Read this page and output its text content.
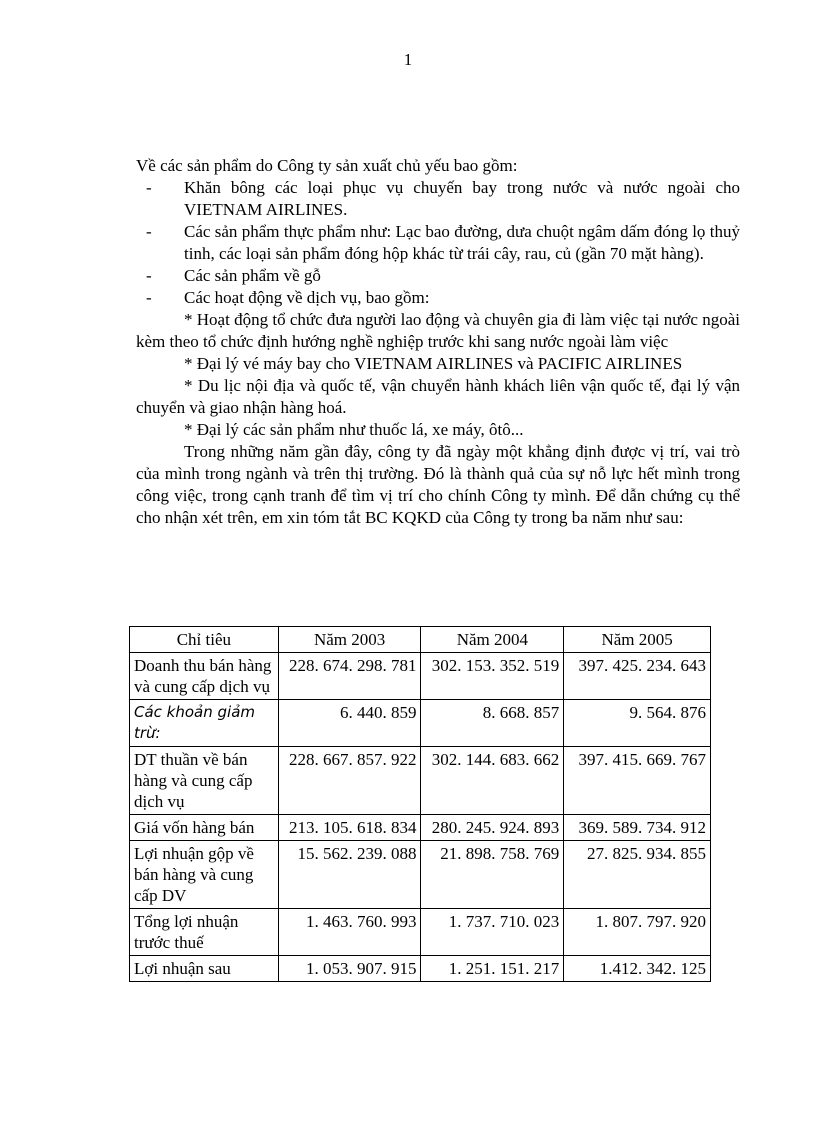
1

Về các sản phẩm do Công ty sản xuất chủ yếu bao gồm:

- Khăn bông các loại phục vụ chuyến bay trong nước và nước ngoài cho VIETNAM AIRLINES.
- Các sản phẩm thực phẩm như: Lạc bao đường, dưa chuột ngâm dấm đóng lọ thuỷ tinh, các loại sản phẩm đóng hộp khác từ trái cây, rau, củ (gần 70 mặt hàng).
- Các sản phẩm về gỗ
- Các hoạt động về dịch vụ, bao gồm:

* Hoạt động tổ chức đưa người lao động và chuyên gia đi làm việc tại nước ngoài kèm theo tổ chức định hướng nghề nghiệp trước khi sang nước ngoài làm việc

* Đại lý vé máy bay cho VIETNAM AIRLINES và PACIFIC AIRLINES

* Du lịc nội địa và quốc tế, vận chuyển hành khách liên vận quốc tế, đại lý vận chuyển và giao nhận hàng hoá.

* Đại lý các sản phẩm như thuốc lá, xe máy, ôtô...

Trong những năm gần đây, công ty đã ngày một khẳng định được vị trí, vai trò của mình trong ngành và trên thị trường. Đó là thành quả của sự nỗ lực hết mình trong công việc, trong cạnh tranh để tìm vị trí cho chính Công ty mình. Để dẫn chứng cụ thể cho nhận xét trên, em xin tóm tắt BC KQKD của Công ty trong ba năm như sau:

Chỉ tiêu	Năm 2003	Năm 2004	Năm 2005
Doanh thu bán hàng và cung cấp dịch vụ	228. 674. 298. 781	302. 153. 352. 519	397. 425. 234. 643
Các khoản giảm trừ:	6. 440. 859	8. 668. 857	9. 564. 876
DT thuần về bán hàng và cung cấp dịch vụ	228. 667. 857. 922	302. 144. 683. 662	397. 415. 669. 767
Giá vốn hàng bán	213. 105. 618. 834	280. 245. 924. 893	369. 589. 734. 912
Lợi nhuận gộp về bán hàng và cung cấp DV	15. 562. 239. 088	21. 898. 758. 769	27. 825. 934. 855
Tổng lợi nhuận trước thuế	1. 463. 760. 993	1. 737. 710. 023	1. 807. 797. 920
Lợi nhuận sau	1. 053. 907. 915	1. 251. 151. 217	1.412. 342. 125
